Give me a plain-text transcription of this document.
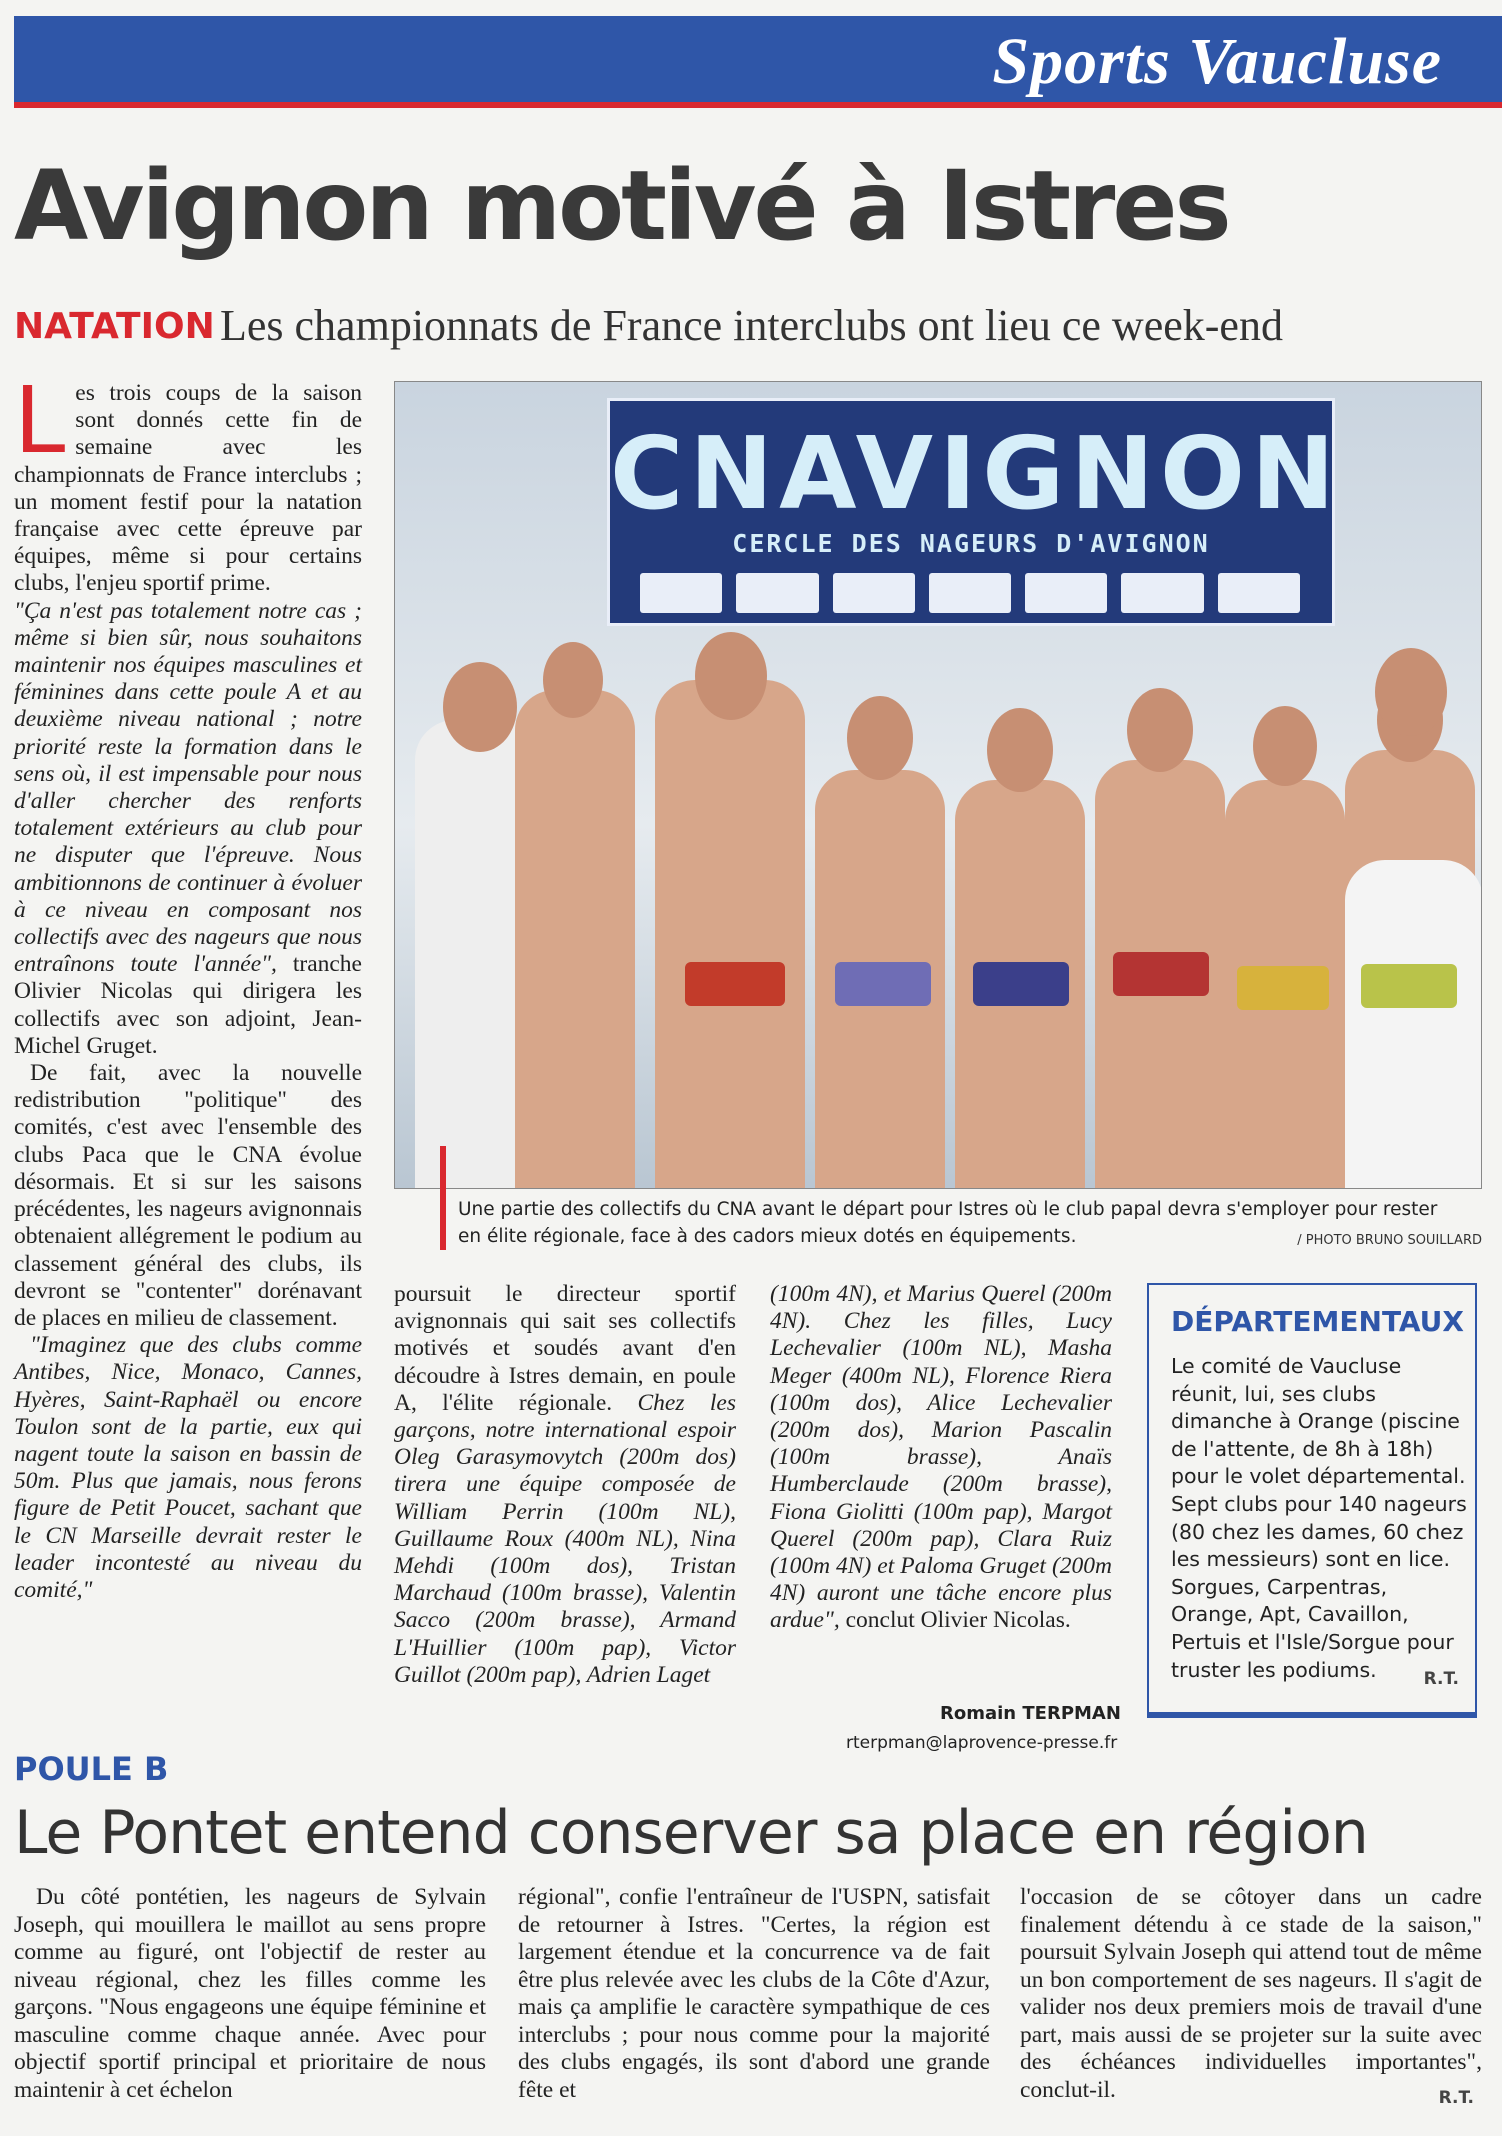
Sports Vaucluse
Avignon motivé à Istres
NATATION Les championnats de France interclubs ont lieu ce week-end

Les trois coups de la saison sont donnés cette fin de semaine avec les championnats de France interclubs ; un moment festif pour la natation française avec cette épreuve par équipes, même si pour certains clubs, l'enjeu sportif prime.

"Ça n'est pas totalement notre cas ; même si bien sûr, nous souhaitons maintenir nos équipes masculines et féminines dans cette poule A et au deuxième niveau national ; notre priorité reste la formation dans le sens où, il est impensable pour nous d'aller chercher des renforts totalement extérieurs au club pour ne disputer que l'épreuve. Nous ambitionnons de continuer à évoluer à ce niveau en composant nos collectifs avec des nageurs que nous entraînons toute l'année", tranche Olivier Nicolas qui dirigera les collectifs avec son adjoint, Jean-Michel Gruget.

De fait, avec la nouvelle redistribution "politique" des comités, c'est avec l'ensemble des clubs Paca que le CNA évolue désormais. Et si sur les saisons précédentes, les nageurs avignonnais obtenaient allégrement le podium au classement général des clubs, ils devront se "contenter" dorénavant de places en milieu de classement.

"Imaginez que des clubs comme Antibes, Nice, Monaco, Cannes, Hyères, Saint-Raphaël ou encore Toulon sont de la partie, eux qui nagent toute la saison en bassin de 50m. Plus que jamais, nous ferons figure de Petit Poucet, sachant que le CN Marseille devrait rester le leader incontesté au niveau du comité,"

CNAVIGNON
CERCLE DES NAGEURS D'AVIGNON
Une partie des collectifs du CNA avant le départ pour Istres où le club papal devra s'employer pour rester en élite régionale, face à des cadors mieux dotés en équipements.	/ PHOTO BRUNO SOUILLARD

poursuit le directeur sportif avignonnais qui sait ses collectifs motivés et soudés avant d'en découdre à Istres demain, en poule A, l'élite régionale. Chez les garçons, notre international espoir Oleg Garasymovytch (200m dos) tirera une équipe composée de William Perrin (100m NL), Guillaume Roux (400m NL), Nina Mehdi (100m dos), Tristan Marchaud (100m brasse), Valentin Sacco (200m brasse), Armand L'Huillier (100m pap), Victor Guillot (200m pap), Adrien Laget

(100m 4N), et Marius Querel (200m 4N). Chez les filles, Lucy Lechevalier (100m NL), Masha Meger (400m NL), Florence Riera (100m dos), Alice Lechevalier (200m dos), Marion Pascalin (100m brasse), Anaïs Humberclaude (200m brasse), Fiona Giolitti (100m pap), Margot Querel (200m pap), Clara Ruiz (100m 4N) et Paloma Gruget (200m 4N) auront une tâche encore plus ardue", conclut Olivier Nicolas.

Romain TERPMAN
rterpman@laprovence-presse.fr
DÉPARTEMENTAUX
Le comité de Vaucluse réunit, lui, ses clubs dimanche à Orange (piscine de l'attente, de 8h à 18h) pour le volet départemental. Sept clubs pour 140 nageurs (80 chez les dames, 60 chez les messieurs) sont en lice. Sorgues, Carpentras, Orange, Apt, Cavaillon, Pertuis et l'Isle/Sorgue pour truster les podiums.	R.T.
POULE B
Le Pontet entend conserver sa place en région

Du côté pontétien, les nageurs de Sylvain Joseph, qui mouillera le maillot au sens propre comme au figuré, ont l'objectif de rester au niveau régional, chez les filles comme les garçons. "Nous engageons une équipe féminine et masculine comme chaque année. Avec pour objectif sportif principal et prioritaire de nous maintenir à cet échelon

régional", confie l'entraîneur de l'USPN, satisfait de retourner à Istres. "Certes, la région est largement étendue et la concurrence va de fait être plus relevée avec les clubs de la Côte d'Azur, mais ça amplifie le caractère sympathique de ces interclubs ; pour nous comme pour la majorité des clubs engagés, ils sont d'abord une grande fête et

l'occasion de se côtoyer dans un cadre finalement détendu à ce stade de la saison," poursuit Sylvain Joseph qui attend tout de même un bon comportement de ses nageurs. Il s'agit de valider nos deux premiers mois de travail d'une part, mais aussi de se projeter sur la suite avec des échéances individuelles importantes", conclut-il.	R.T.
